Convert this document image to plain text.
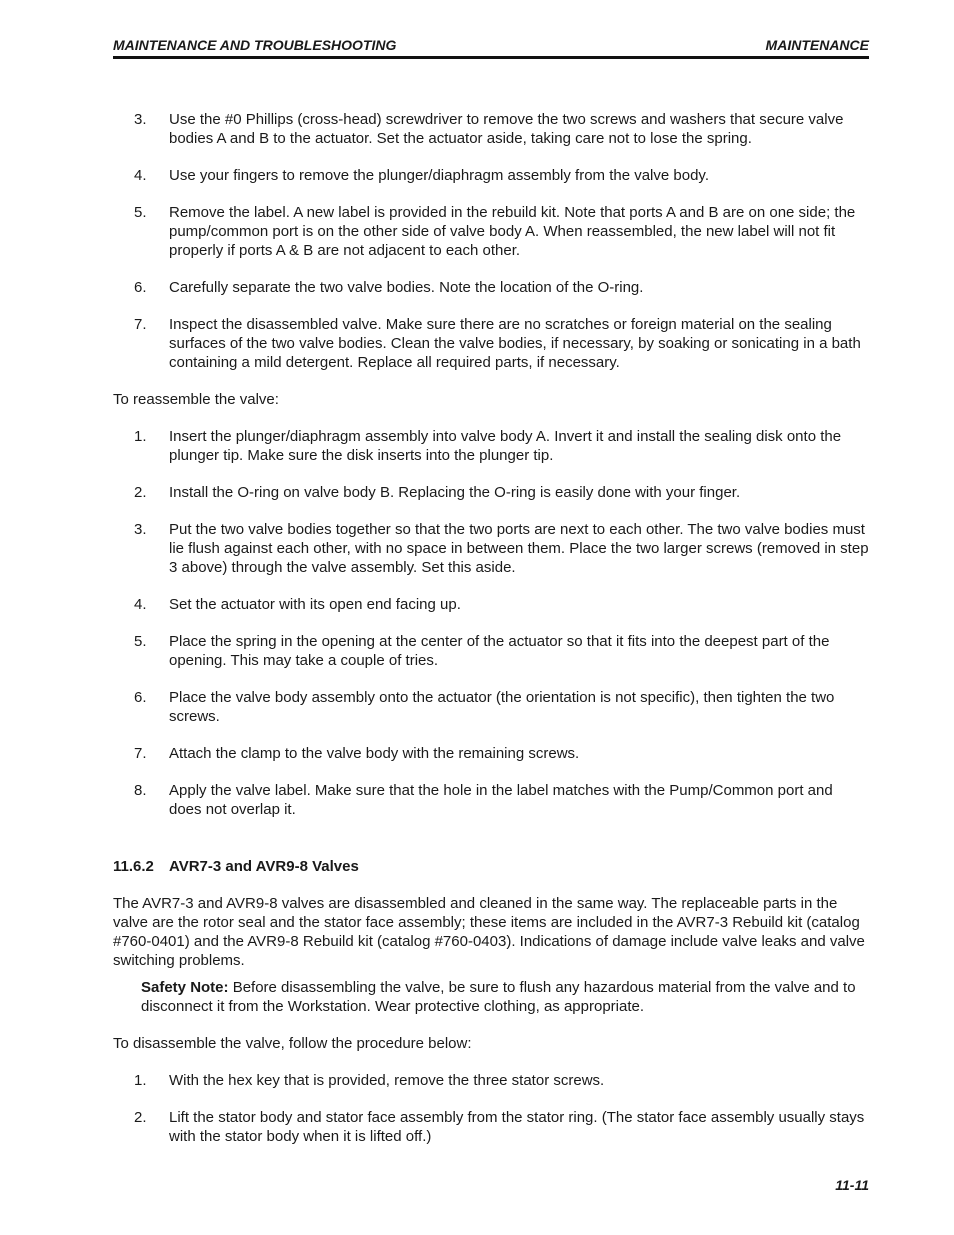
MAINTENANCE AND TROUBLESHOOTING	MAINTENANCE
3.	Use the #0 Phillips (cross-head) screwdriver to remove the two screws and washers that secure valve bodies A and B to the actuator. Set the actuator aside, taking care not to lose the spring.
4.	Use your fingers to remove the plunger/diaphragm assembly from the valve body.
5.	Remove the label. A new label is provided in the rebuild kit. Note that ports A and B are on one side; the pump/common port is on the other side of valve body A. When reassembled, the new label will not fit properly if ports A & B are not adjacent to each other.
6.	Carefully separate the two valve bodies. Note the location of the O-ring.
7.	Inspect the disassembled valve. Make sure there are no scratches or foreign material on the sealing surfaces of the two valve bodies. Clean the valve bodies, if necessary, by soaking or sonicating in a bath containing a mild detergent. Replace all required parts, if necessary.

To reassemble the valve:

1.	Insert the plunger/diaphragm assembly into valve body A. Invert it and install the sealing disk onto the plunger tip. Make sure the disk inserts into the plunger tip.
2.	Install the O-ring on valve body B. Replacing the O-ring is easily done with your finger.
3.	Put the two valve bodies together so that the two ports are next to each other. The two valve bodies must lie flush against each other, with no space in between them. Place the two larger screws (removed in step 3 above) through the valve assembly. Set this aside.
4.	Set the actuator with its open end facing up.
5.	Place the spring in the opening at the center of the actuator so that it fits into the deepest part of the opening. This may take a couple of tries.
6.	Place the valve body assembly onto the actuator (the orientation is not specific), then tighten the two screws.
7.	Attach the clamp to the valve body with the remaining screws.
8.	Apply the valve label. Make sure that the hole in the label matches with the Pump/Common port and does not overlap it.
11.6.2	AVR7-3 and AVR9-8 Valves

The AVR7-3 and AVR9-8 valves are disassembled and cleaned in the same way. The replaceable parts in the valve are the rotor seal and the stator face assembly; these items are included in the AVR7-3 Rebuild kit (catalog #760-0401) and the AVR9-8 Rebuild kit (catalog #760-0403). Indications of damage include valve leaks and valve switching problems.

Safety Note: Before disassembling the valve, be sure to flush any hazardous material from the valve and to disconnect it from the Workstation. Wear protective clothing, as appropriate.

To disassemble the valve, follow the procedure below:

1.	With the hex key that is provided, remove the three stator screws.
2.	Lift the stator body and stator face assembly from the stator ring. (The stator face assembly usually stays with the stator body when it is lifted off.)
11-11
